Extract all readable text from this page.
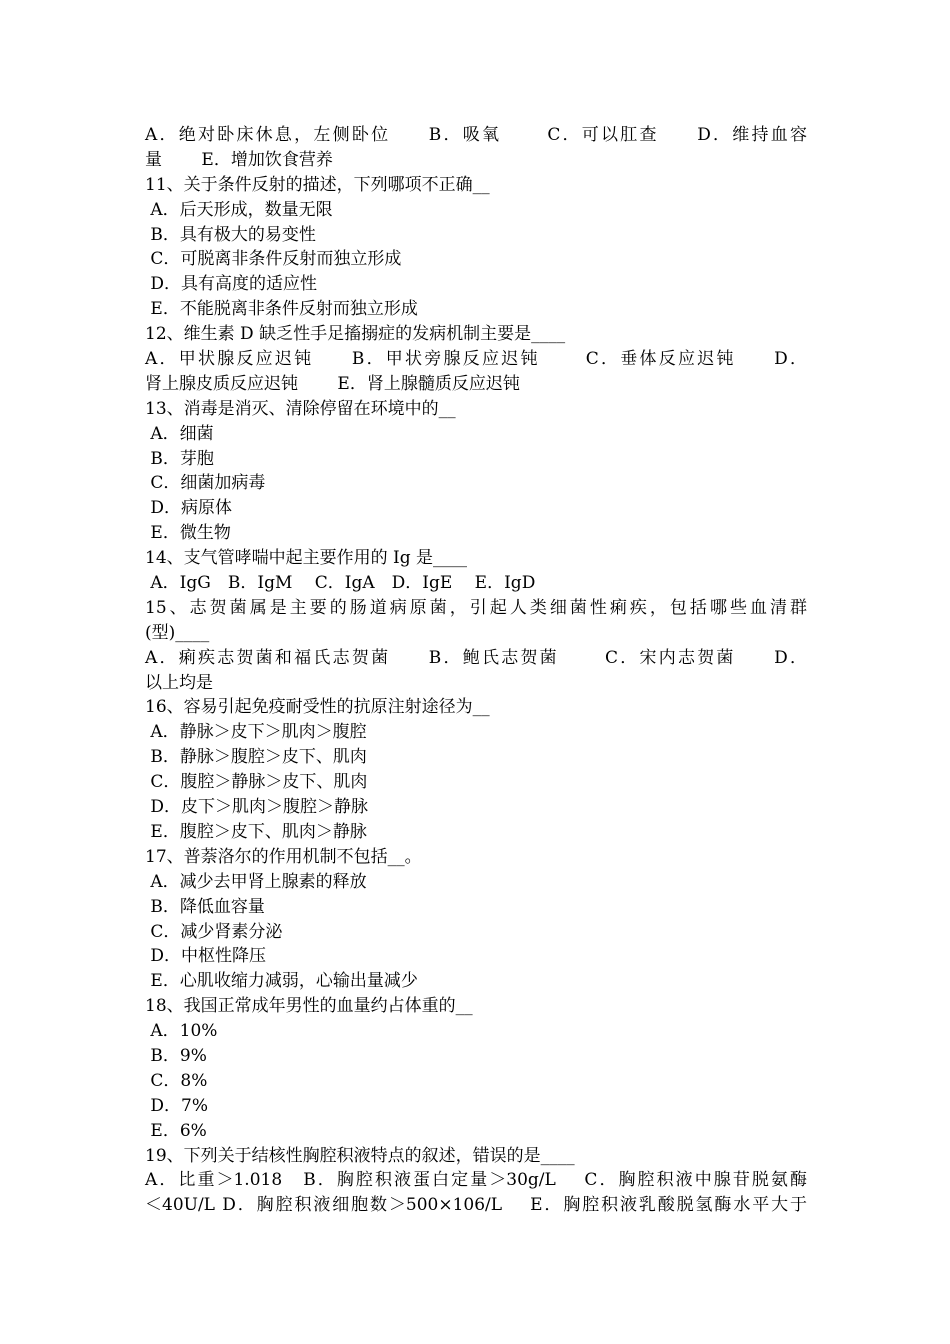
A．绝对卧床休息，左侧卧位　　B．吸氧　　 C．可以肛查　　D．维持血容
量　　 E．增加饮食营养
11、关于条件反射的描述，下列哪项不正确__
A．后天形成，数量无限
B．具有极大的易变性
C．可脱离非条件反射而独立形成
D．具有高度的适应性
E．不能脱离非条件反射而独立形成
12、维生素 D 缺乏性手足搐搦症的发病机制主要是____
A．甲状腺反应迟钝　　B．甲状旁腺反应迟钝　　 C．垂体反应迟钝　　D．
肾上腺皮质反应迟钝　　 E．肾上腺髓质反应迟钝
13、消毒是消灭、清除停留在环境中的__
A．细菌
B．芽胞
C．细菌加病毒
D．病原体
E．微生物
14、支气管哮喘中起主要作用的 Ig 是____
A．IgG　B．IgM　 C．IgA　D．IgE　 E．IgD
15、志贺菌属是主要的肠道病原菌，引起人类细菌性痢疾，包括哪些血清群
(型)____
A．痢疾志贺菌和福氏志贺菌　　B．鲍氏志贺菌　　 C．宋内志贺菌　　D．
以上均是
16、容易引起免疫耐受性的抗原注射途径为__
A．静脉＞皮下＞肌肉＞腹腔
B．静脉＞腹腔＞皮下、肌肉
C．腹腔＞静脉＞皮下、肌肉
D．皮下＞肌肉＞腹腔＞静脉
E．腹腔＞皮下、肌肉＞静脉
17、普萘洛尔的作用机制不包括__。
A．减少去甲肾上腺素的释放
B．降低血容量
C．减少肾素分泌
D．中枢性降压
E．心肌收缩力减弱，心输出量减少
18、我国正常成年男性的血量约占体重的__
A．10%
B．9%
C．8%
D．7%
E．6%
19、下列关于结核性胸腔积液特点的叙述，错误的是____
A．比重＞1.018　B．胸腔积液蛋白定量＞30g/L　 C．胸腔积液中腺苷脱氨酶
＜40U/L D．胸腔积液细胞数＞500×106/L　 E．胸腔积液乳酸脱氢酶水平大于
